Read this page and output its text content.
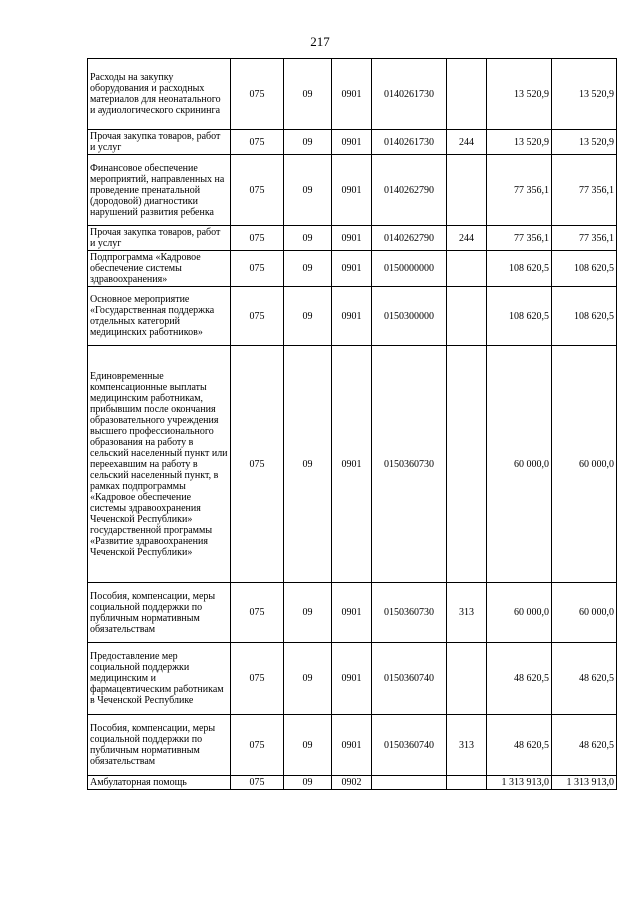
217
Расходы на закупку оборудования и расходных материалов для неонатального и аудиологического скрининга	075	09	0901	0140261730		13 520,9	13 520,9
Прочая закупка товаров, работ и услуг	075	09	0901	0140261730	244	13 520,9	13 520,9
Финансовое обеспечение мероприятий, направленных на проведение пренатальной (дородовой) диагностики нарушений развития ребенка	075	09	0901	0140262790		77 356,1	77 356,1
Прочая закупка товаров, работ и услуг	075	09	0901	0140262790	244	77 356,1	77 356,1
Подпрограмма «Кадровое обеспечение системы здравоохранения»	075	09	0901	0150000000		108 620,5	108 620,5
Основное мероприятие «Государственная поддержка отдельных категорий медицинских работников»	075	09	0901	0150300000		108 620,5	108 620,5
Единовременные компенсационные выплаты медицинским работникам, прибывшим после окончания образовательного учреждения высшего профессионального образования на работу в сельский населенный пункт или переехавшим на работу в сельский населенный пункт, в рамках подпрограммы «Кадровое обеспечение системы здравоохранения Чеченской Республики» государственной программы «Развитие здравоохранения Чеченской Республики»	075	09	0901	0150360730		60 000,0	60 000,0
Пособия, компенсации, меры социальной поддержки по публичным нормативным обязательствам	075	09	0901	0150360730	313	60 000,0	60 000,0
Предоставление мер социальной поддержки медицинским и фармацевтическим работникам в Чеченской Республике	075	09	0901	0150360740		48 620,5	48 620,5
Пособия, компенсации, меры социальной поддержки по публичным нормативным обязательствам	075	09	0901	0150360740	313	48 620,5	48 620,5
Амбулаторная помощь	075	09	0902			1 313 913,0	1 313 913,0
